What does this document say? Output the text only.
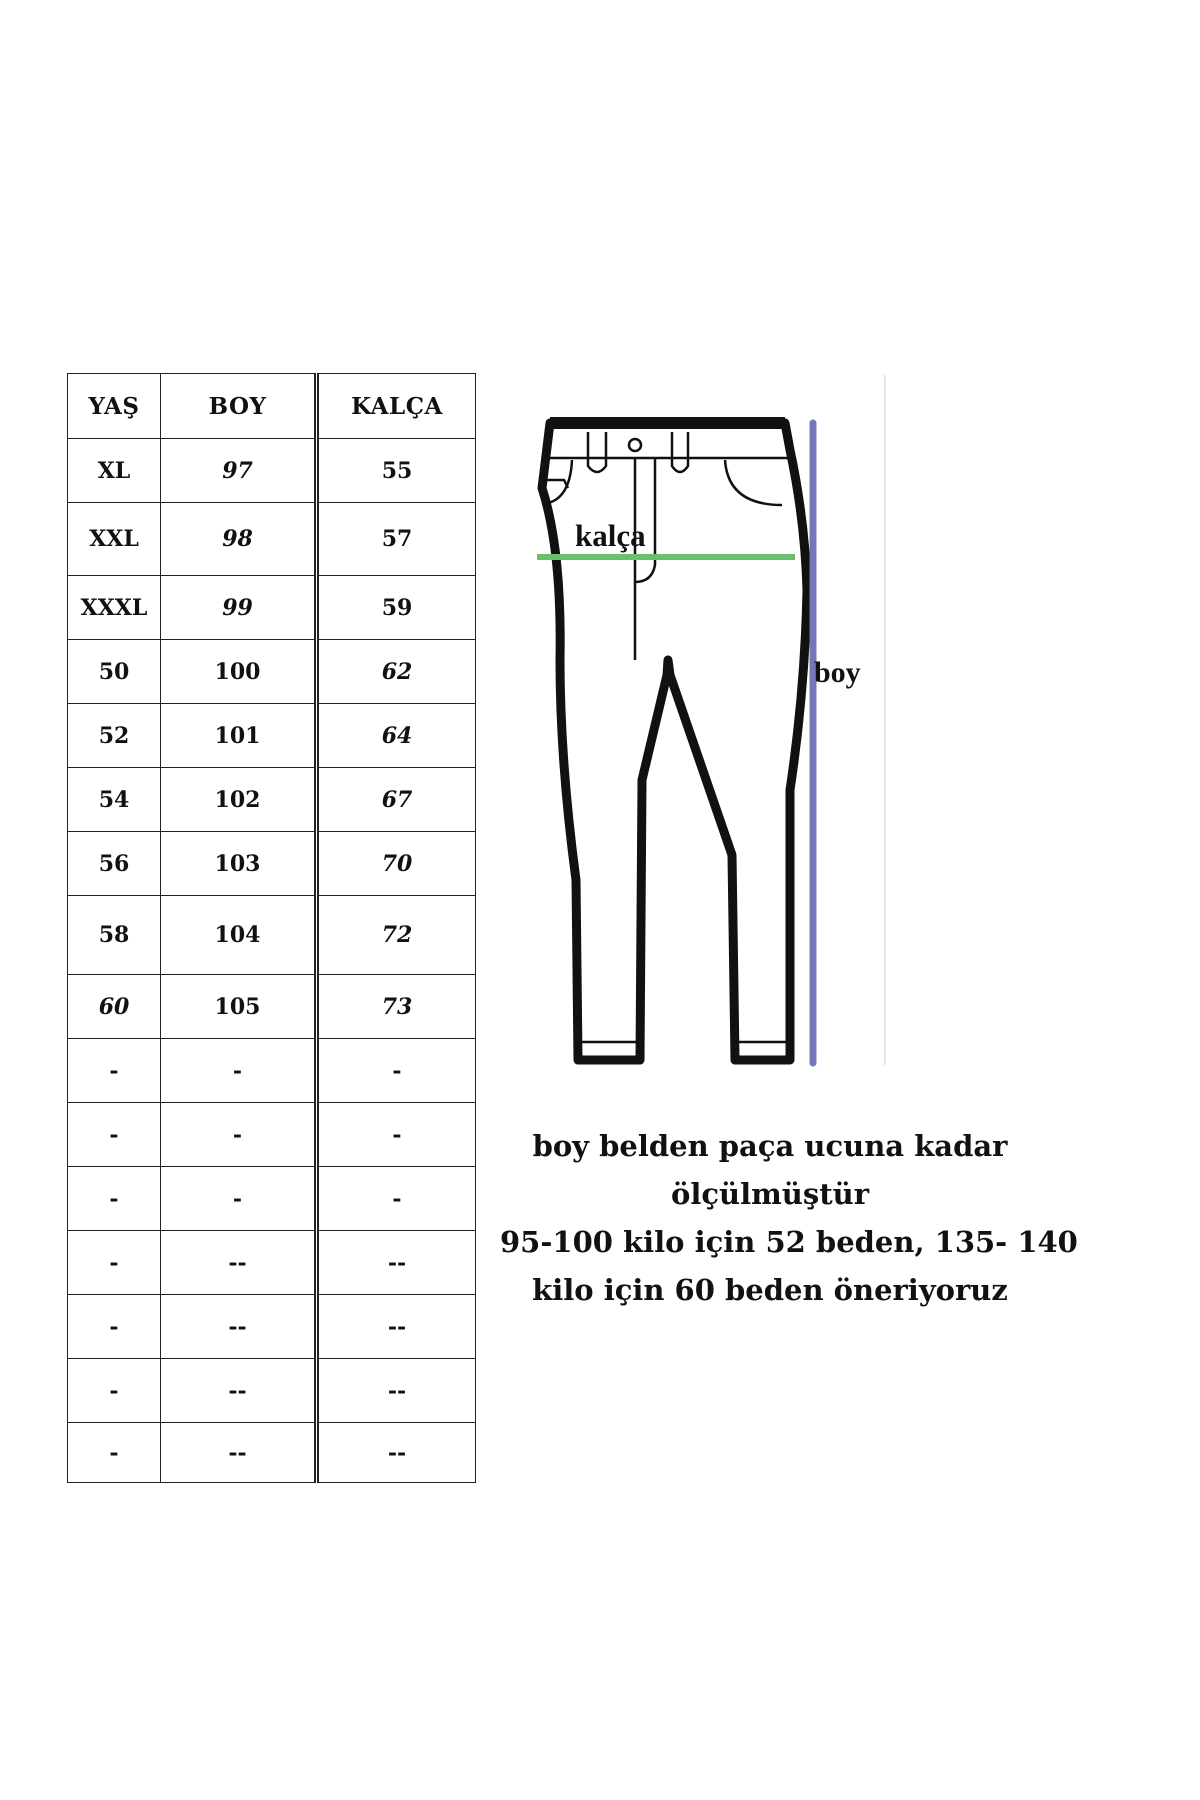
YAŞ	BOY	KALÇA
XL	97	55
XXL	98	57
XXXL	99	59
50	100	62
52	101	64
54	102	67
56	103	70
58	104	72
60	105	73
-	-	-
-	-	-
-	-	-
-	--	--
-	--	--
-	--	--
-	--	--
kalça
boy
boy belden paça ucuna kadar
ölçülmüştür
95-100 kilo için 52 beden, 135- 140
kilo için 60 beden öneriyoruz
